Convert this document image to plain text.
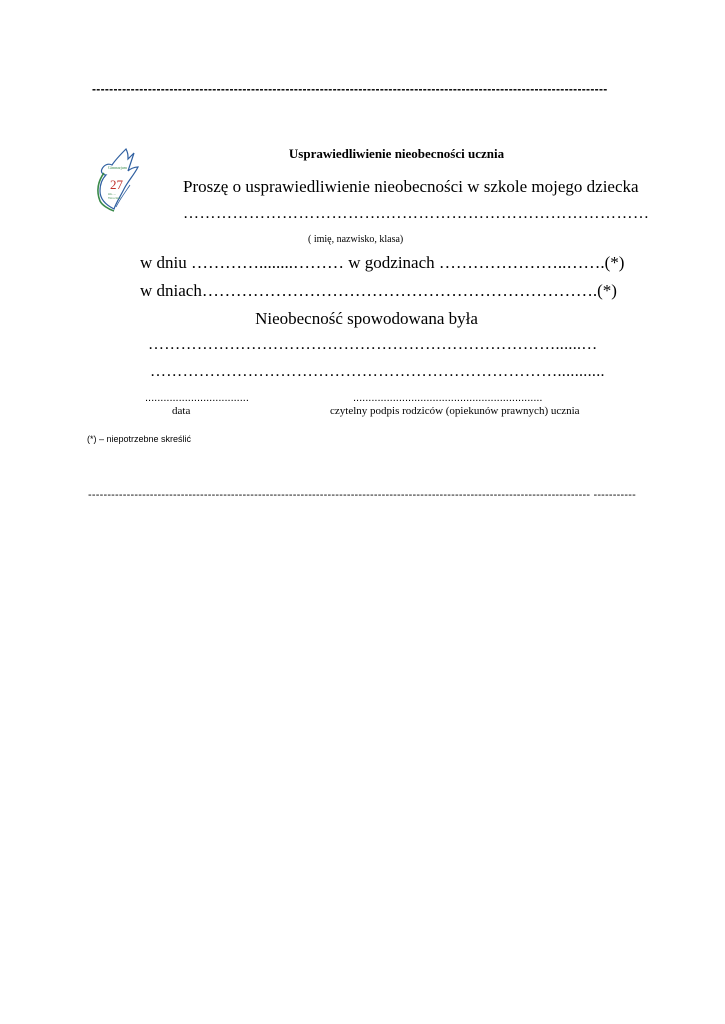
------------------------------------------------------------------------------------------------------------------------
Gimnazjum
27
im. ...
Wrocław
Usprawiedliwienie nieobecności ucznia
Proszę o usprawiedliwienie nieobecności w szkole mojego dziecka
……………………………….…………………………………………
( imię, nazwisko, klasa)
w dniu …………........……… w godzinach …………………..…….(*)
w dniach…………………………………………………………….(*)
Nieobecność spowodowana była
…………………………………………………………………......…
…………………………………………………………………...........
..................................	..............................................................
data	czytelny podpis rodziców (opiekunów prawnych) ucznia
(*) – niepotrzebne skreślić
---------------------------------------------------------------------------------------------------------------------------------- -----------
